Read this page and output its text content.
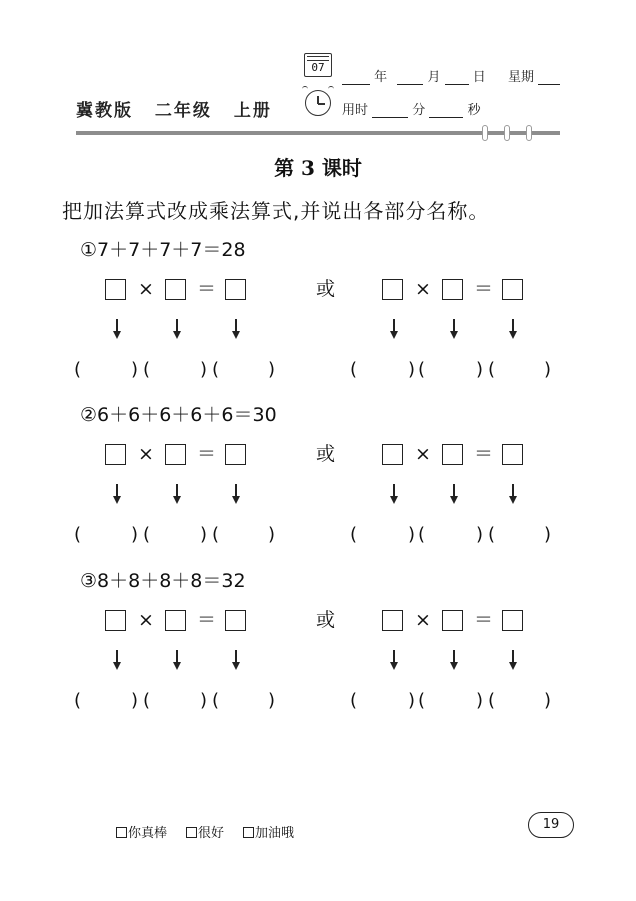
冀教版 二年级 上册
07
年	月 日 星期
用时	分	秒
第 3 课时
把加法算式改成乘法算式,并说出各部分名称。
①7＋7＋7＋7＝28
× ＝
(	) (	) (	)
× ＝
(	) (	) (	)
或
②6＋6＋6＋6＋6＝30
× ＝
(	) (	) (	)
× ＝
(	) (	) (	)
或
③8＋8＋8＋8＝32
× ＝
(	) (	) (	)
× ＝
(	) (	) (	)
或
你真棒	很好	加油哦
19
